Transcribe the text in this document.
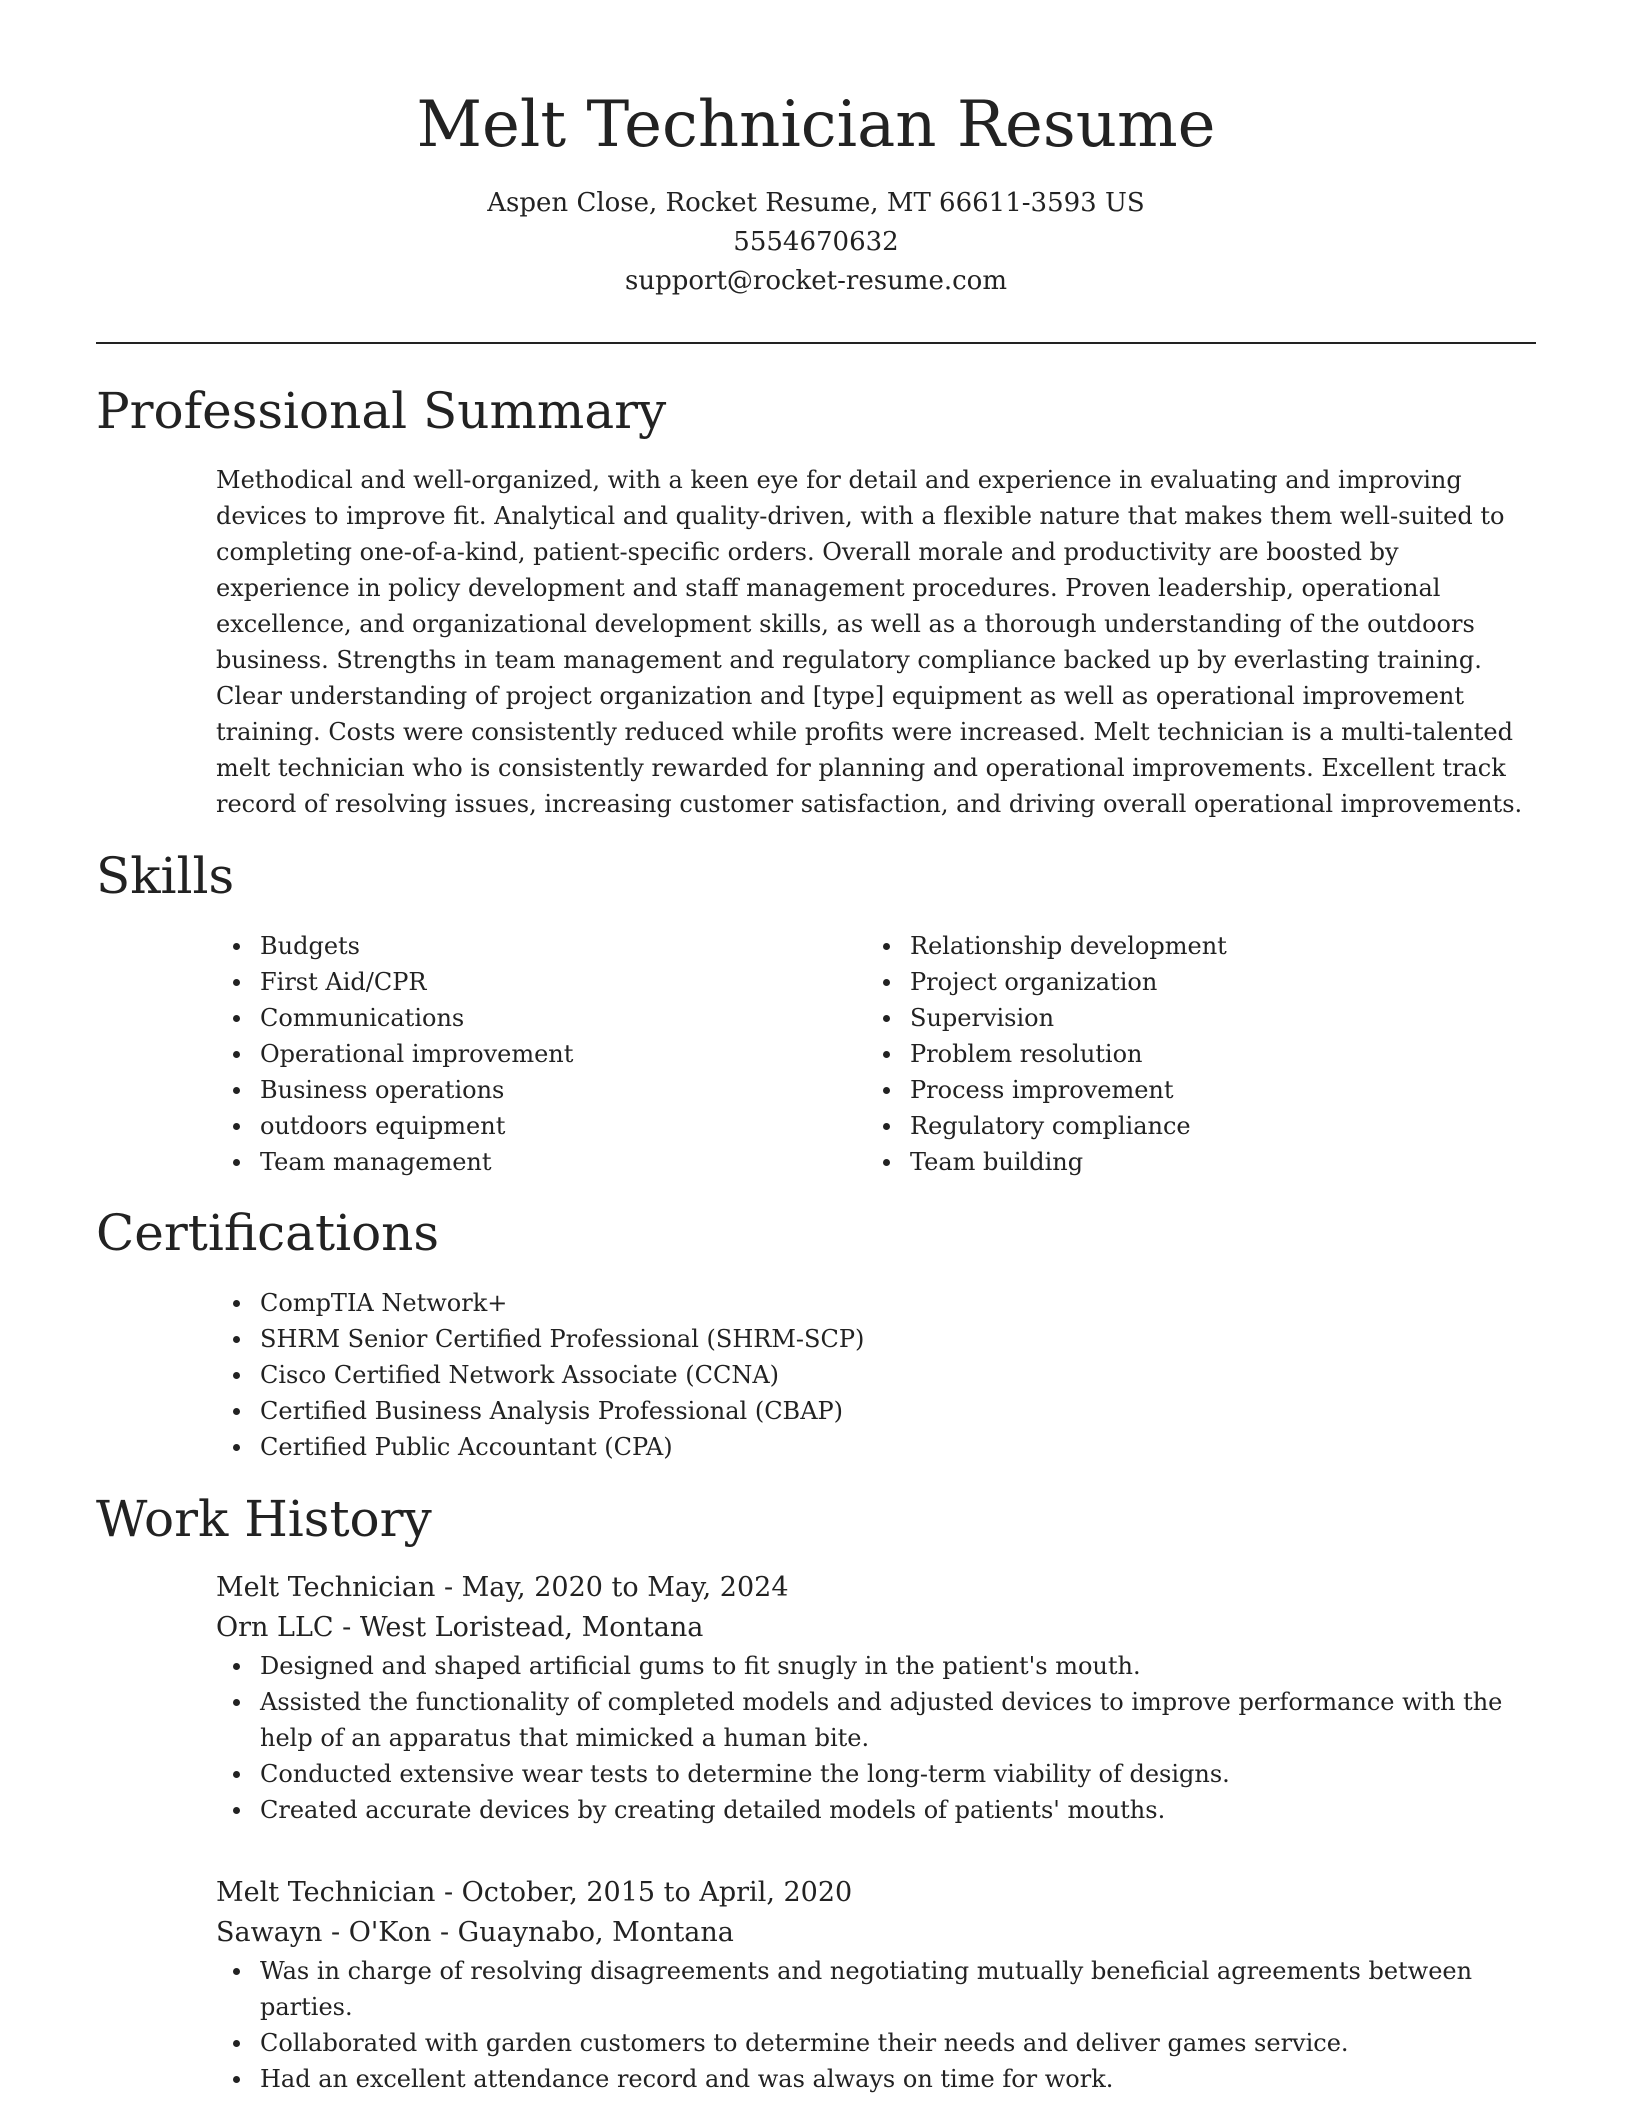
Melt Technician Resume

Aspen Close, Rocket Resume, MT 66611-3593 US

5554670632

support@rocket-resume.com

Professional Summary

Methodical and well-organized, with a keen eye for detail and experience in evaluating and improving devices to improve fit. Analytical and quality-driven, with a flexible nature that makes them well-suited to completing one-of-a-kind, patient-specific orders. Overall morale and productivity are boosted by experience in policy development and staff management procedures. Proven leadership, operational excellence, and organizational development skills, as well as a thorough understanding of the outdoors business. Strengths in team management and regulatory compliance backed up by everlasting training. Clear understanding of project organization and [type] equipment as well as operational improvement training. Costs were consistently reduced while profits were increased. Melt technician is a multi-talented melt technician who is consistently rewarded for planning and operational improvements. Excellent track record of resolving issues, increasing customer satisfaction, and driving overall operational improvements.

Skills
Budgets
First Aid/CPR
Communications
Operational improvement
Business operations
outdoors equipment
Team management
Relationship development
Project organization
Supervision
Problem resolution
Process improvement
Regulatory compliance
Team building
Certifications
CompTIA Network+
SHRM Senior Certified Professional (SHRM-SCP)
Cisco Certified Network Associate (CCNA)
Certified Business Analysis Professional (CBAP)
Certified Public Accountant (CPA)
Work History

Melt Technician - May, 2020 to May, 2024

Orn LLC - West Loristead, Montana

Designed and shaped artificial gums to fit snugly in the patient's mouth.
Assisted the functionality of completed models and adjusted devices to improve performance with the help of an apparatus that mimicked a human bite.
Conducted extensive wear tests to determine the long-term viability of designs.
Created accurate devices by creating detailed models of patients' mouths.

Melt Technician - October, 2015 to April, 2020

Sawayn - O'Kon - Guaynabo, Montana

Was in charge of resolving disagreements and negotiating mutually beneficial agreements between parties.
Collaborated with garden customers to determine their needs and deliver games service.
Had an excellent attendance record and was always on time for work.
